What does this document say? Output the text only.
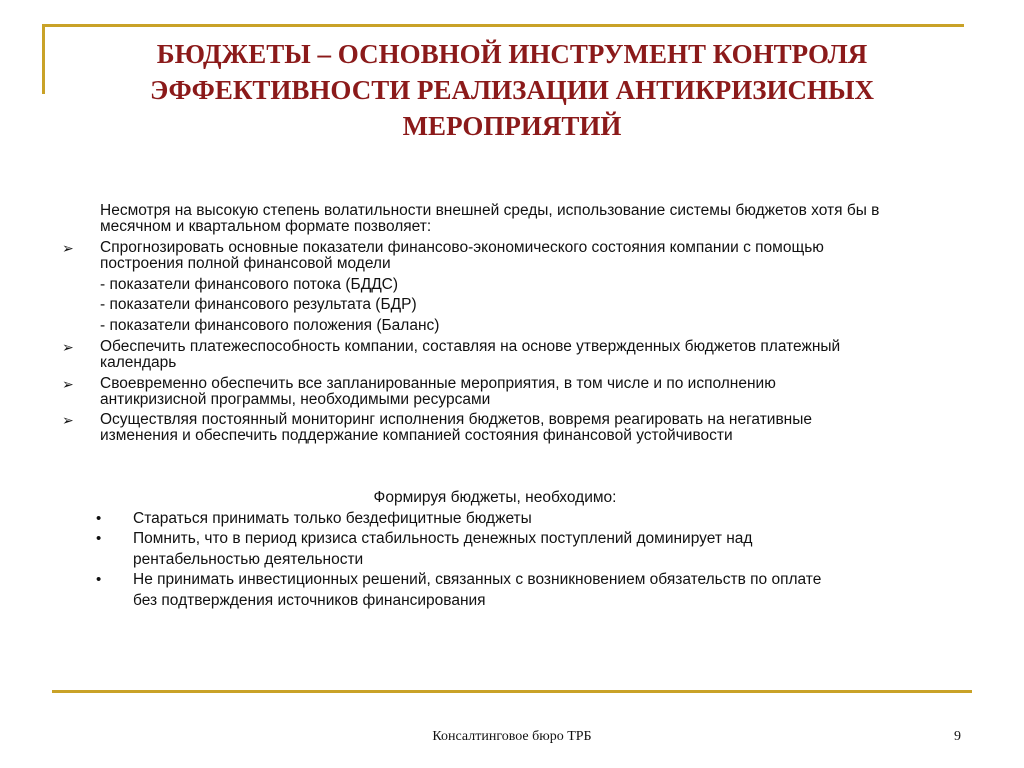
БЮДЖЕТЫ – ОСНОВНОЙ ИНСТРУМЕНТ КОНТРОЛЯ
ЭФФЕКТИВНОСТИ РЕАЛИЗАЦИИ АНТИКРИЗИСНЫХ
МЕРОПРИЯТИЙ

Несмотря на высокую степень волатильности внешней среды, использование системы бюджетов хотя бы в

месячном и квартальном формате позволяет:

➢ Спрогнозировать основные показатели финансово-экономического состояния компании с помощью

построения полной финансовой модели

- показатели финансового потока (БДДС)

- показатели финансового результата (БДР)

- показатели финансового положения (Баланс)

➢ Обеспечить платежеспособность компании, составляя на основе утвержденных бюджетов платежный

календарь

➢ Своевременно обеспечить все запланированные мероприятия, в том числе и по исполнению

антикризисной программы, необходимыми ресурсами

➢ Осуществляя постоянный мониторинг исполнения бюджетов, вовремя реагировать на негативные

изменения и обеспечить поддержание компанией состояния финансовой устойчивости

Формируя бюджеты, необходимо:

• Стараться принимать только бездефицитные бюджеты

• Помнить, что в период кризиса стабильность денежных поступлений доминирует над

рентабельностью деятельности

• Не принимать инвестиционных решений, связанных с возникновением обязательств по оплате

без подтверждения источников финансирования

Консалтинговое бюро ТРБ	9
